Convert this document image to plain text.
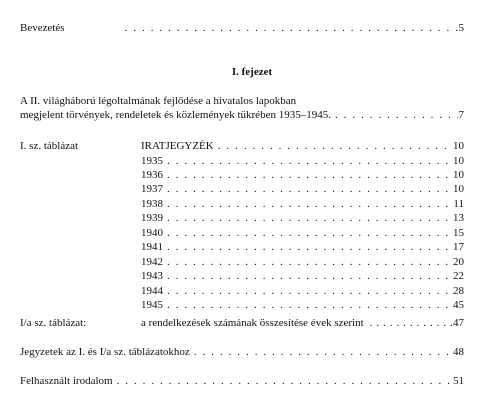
Bevezetés . . .	5
I. fejezet
A II. világháború légoltalmának fejlődése a hivatalos lapokban
megjelent törvények, rendeletek és közlemények tükrében 1935–1945. . . .	7
I. sz. táblázat	IRATJEGYZÉK . . .	10
1935 . . .	10
1936 . . .	10
1937 . . .	10
1938 . . .	11
1939 . . .	13
1940 . . .	15
1941 . . .	17
1942 . . .	20
1943 . . .	22
1944 . . .	28
1945 . . .	45
I/a sz. táblázat:	a rendelkezések számának összesítése évek szerint . . .	47
Jegyzetek az I. és I/a sz. táblázatokhoz . . .	48
Felhasznált irodalom . . .	51
